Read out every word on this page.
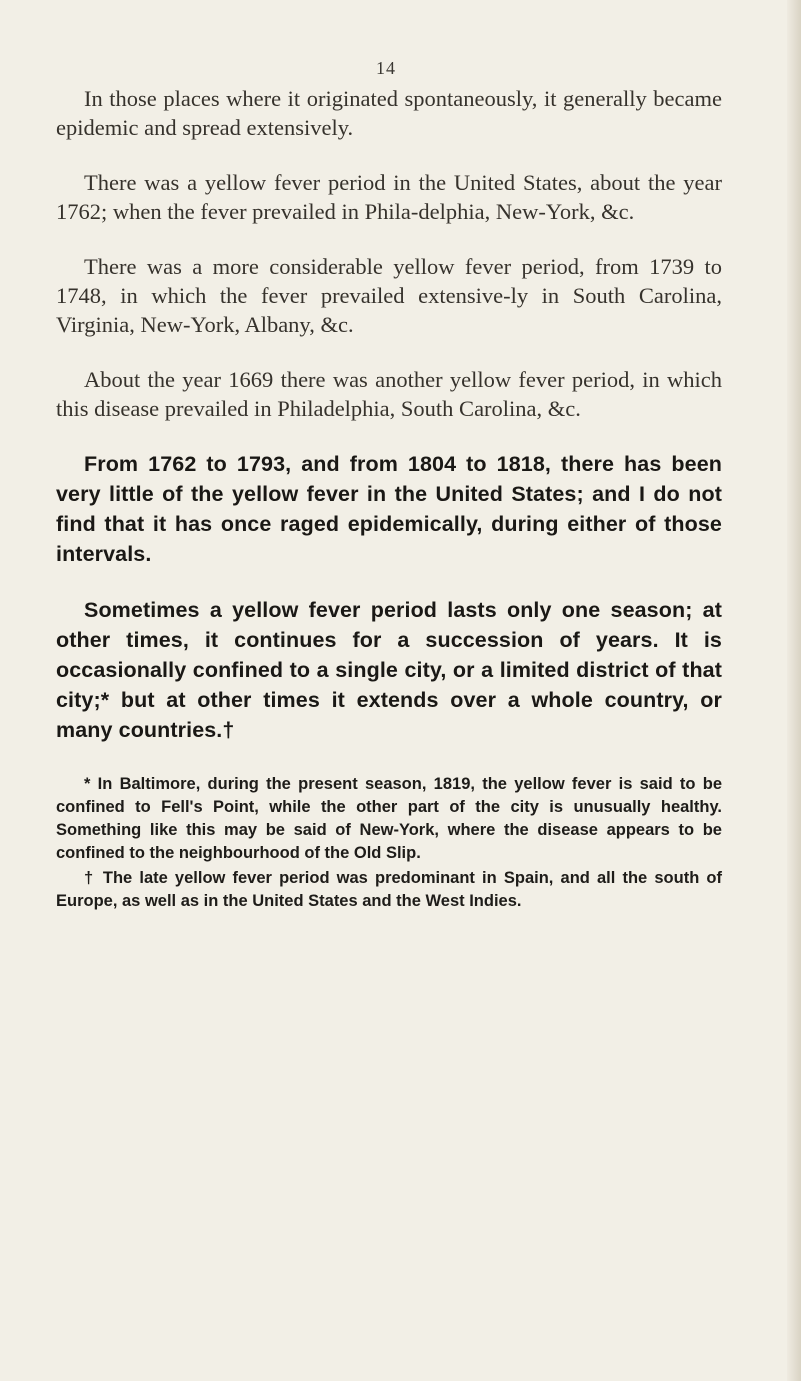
14

In those places where it originated spontaneously, it generally became epidemic and spread extensively.

There was a yellow fever period in the United States, about the year 1762; when the fever prevailed in Phila-delphia, New-York, &c.

There was a more considerable yellow fever period, from 1739 to 1748, in which the fever prevailed extensive-ly in South Carolina, Virginia, New-York, Albany, &c.

About the year 1669 there was another yellow fever period, in which this disease prevailed in Philadelphia, South Carolina, &c.

From 1762 to 1793, and from 1804 to 1818, there has been very little of the yellow fever in the United States; and I do not find that it has once raged epidemically, during either of those intervals.

Sometimes a yellow fever period lasts only one season; at other times, it continues for a succession of years. It is occasionally confined to a single city, or a limited district of that city;* but at other times it extends over a whole country, or many countries.†

* In Baltimore, during the present season, 1819, the yellow fever is said to be confined to Fell's Point, while the other part of the city is unusually healthy. Something like this may be said of New-York, where the disease appears to be confined to the neighbourhood of the Old Slip.

† The late yellow fever period was predominant in Spain, and all the south of Europe, as well as in the United States and the West Indies.
